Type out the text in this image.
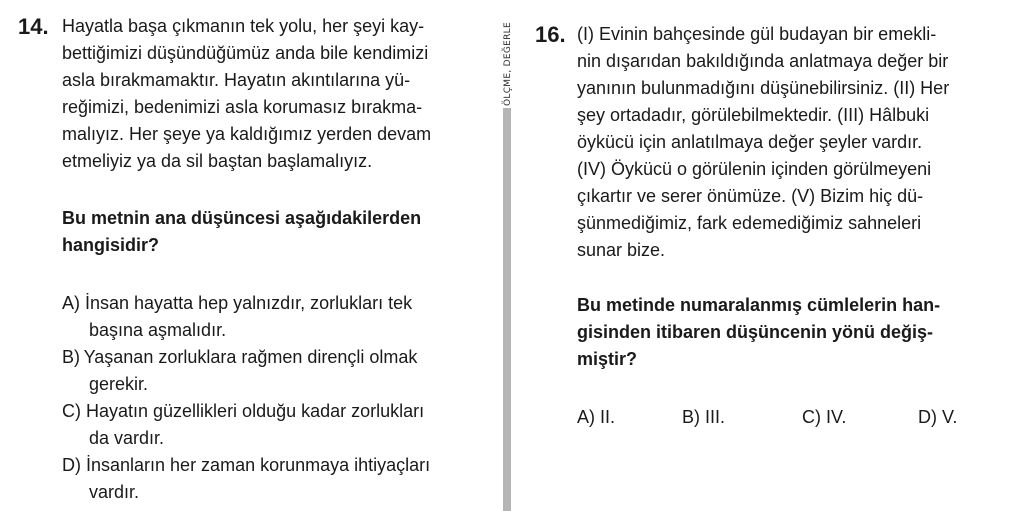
14. Hayatla başa çıkmanın tek yolu, her şeyi kay-
bettiğimizi düşündüğümüz anda bile kendimizi
asla bırakmamaktır. Hayatın akıntılarına yü-
reğimizi, bedenimizi asla korumasız bırakma-
malıyız. Her şeye ya kaldığımız yerden devam
etmeliyiz ya da sil baştan başlamalıyız.

Bu metnin ana düşüncesi aşağıdakilerden
hangisidir?

A) İnsan hayatta hep yalnızdır, zorlukları tek
başına aşmalıdır.
B) Yaşanan zorluklara rağmen dirençli olmak
gerekir.
C) Hayatın güzellikleri olduğu kadar zorlukları
da vardır.
D) İnsanların her zaman korunmaya ihtiyaçları
vardır.
ÖLÇME, DEĞERLE 16. (I) Evinin bahçesinde gül budayan bir emekli-
nin dışarıdan bakıldığında anlatmaya değer bir
yanının bulunmadığını düşünebilirsiniz. (II) Her
şey ortadadır, görülebilmektedir. (III) Hâlbuki
öykücü için anlatılmaya değer şeyler vardır.
(IV) Öykücü o görülenin içinden görülmeyeni
çıkartır ve serer önümüze. (V) Bizim hiç dü-
şünmediğimiz, fark edemediğimiz sahneleri
sunar bize.

Bu metinde numaralanmış cümlelerin han-
gisinden itibaren düşüncenin yönü değiş-
miştir?

A) II.	B) III.	C) IV.	D) V.
